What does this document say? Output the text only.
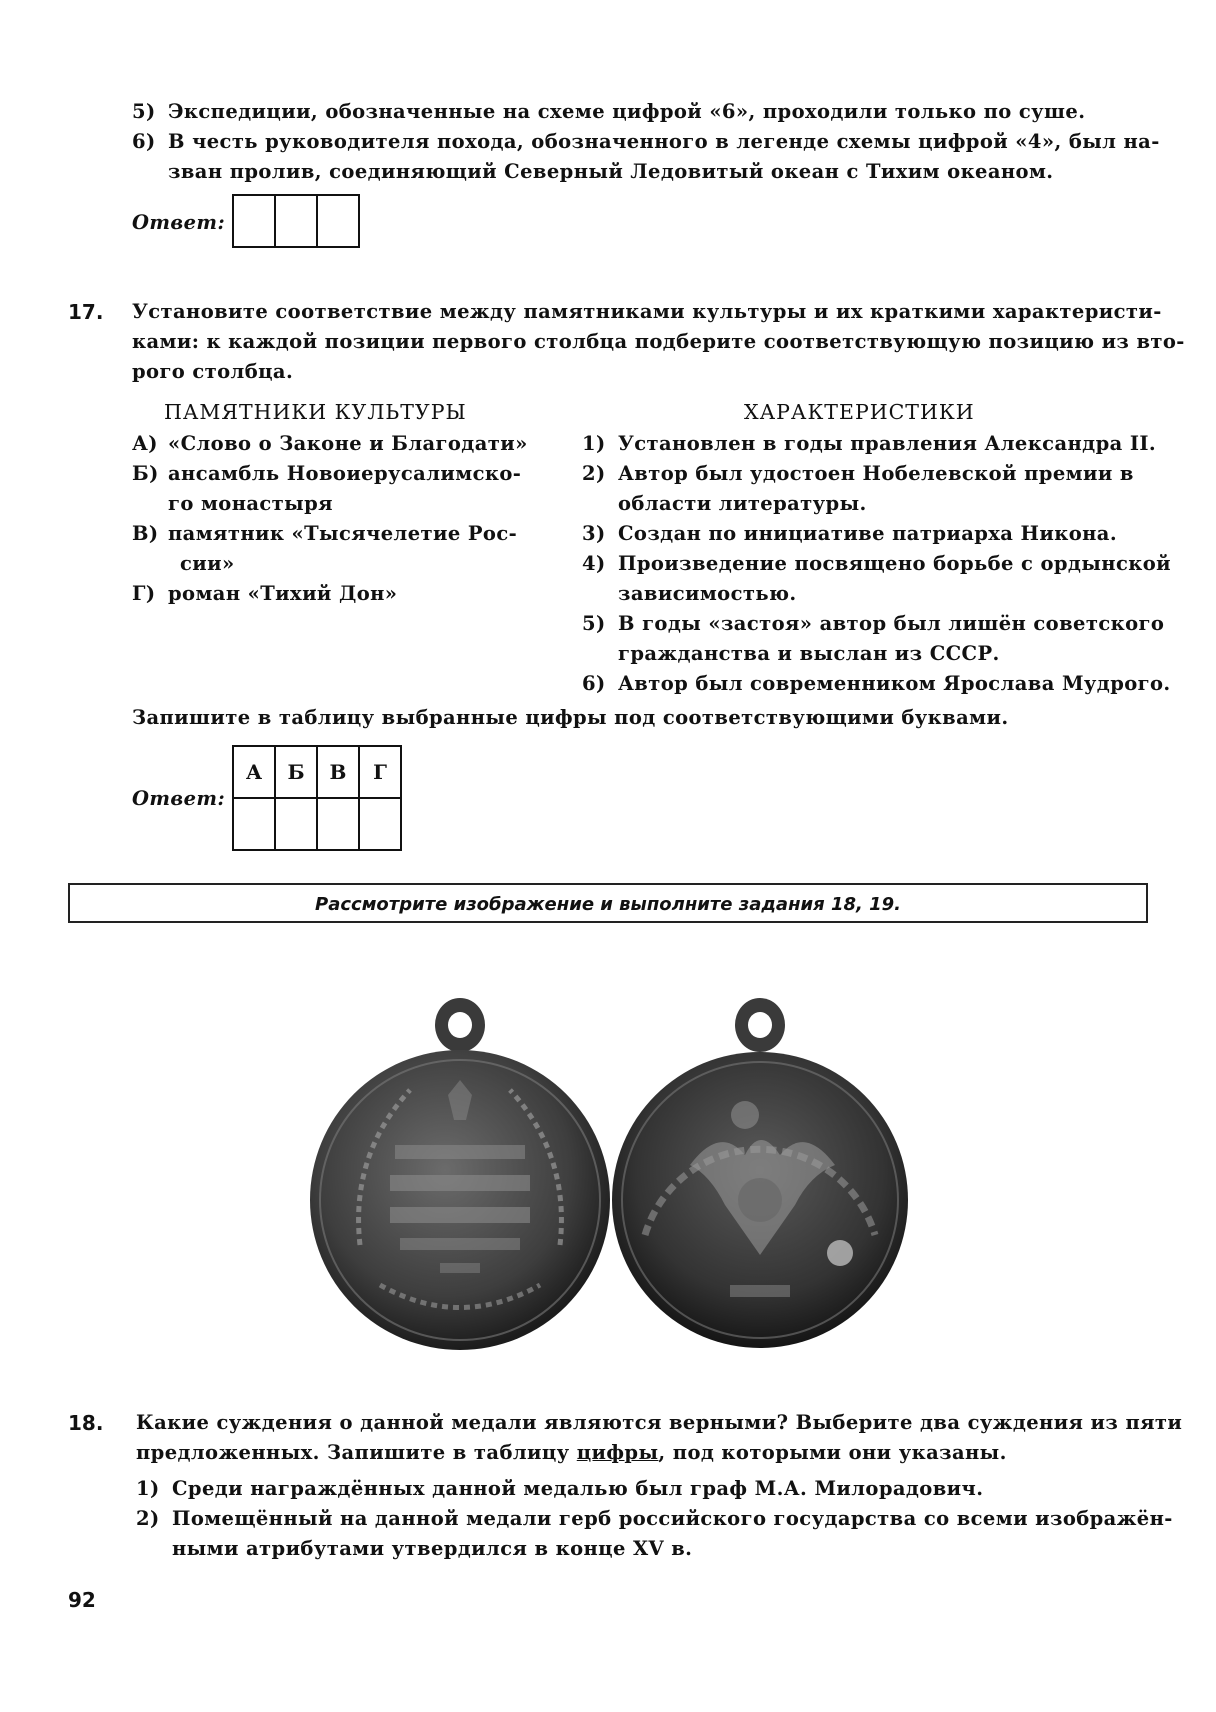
5) Экспедиции, обозначенные на схеме цифрой «6», проходили только по суше.
6) В честь руководителя похода, обозначенного в легенде схемы цифрой «4», был на-
зван пролив, соединяющий Северный Ледовитый океан с Тихим океаном.
Ответ:

17. Установите соответствие между памятниками культуры и их краткими характеристи-
ками: к каждой позиции первого столбца подберите соответствующую позицию из вто-
рого столбца.
ПАМЯТНИКИ КУЛЬТУРЫ	ХАРАКТЕРИСТИКИ
А) «Слово о Законе и Благодати»
Б) ансамбль Новоиерусалимско-
го монастыря
В) памятник «Тысячелетие Рос-
сии»
Г) роман «Тихий Дон»
1) Установлен в годы правления Александра II.
2) Автор был удостоен Нобелевской премии в
области литературы.
3) Создан по инициативе патриарха Никона.
4) Произведение посвящено борьбе с ордынской
зависимостью.
5) В годы «застоя» автор был лишён советского
гражданства и выслан из СССР.
6) Автор был современником Ярослава Мудрого.
Запишите в таблицу выбранные цифры под соответствующими буквами.
Ответ:
А	Б	В	Г

Рассмотрите изображение и выполните задания 18, 19.
18. Какие суждения о данной медали являются верными? Выберите два суждения из пяти
предложенных. Запишите в таблицу цифры, под которыми они указаны.
1) Среди награждённых данной медалью был граф М.А. Милорадович.
2) Помещённый на данной медали герб российского государства со всеми изображён-
ными атрибутами утвердился в конце XV в.
92
